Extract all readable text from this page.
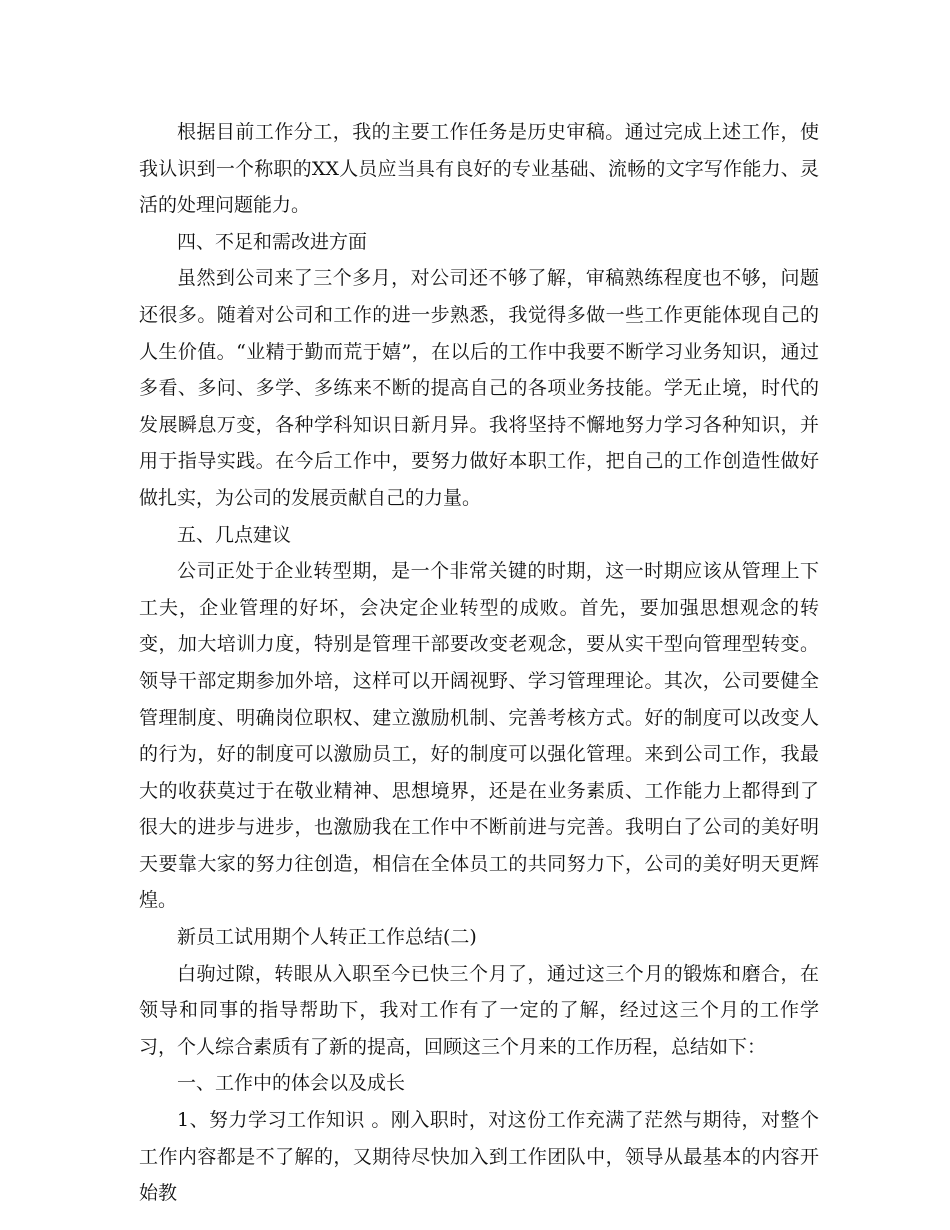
根据目前工作分工，我的主要工作任务是历史审稿。通过完成上述工作，使我认识到一个称职的XX人员应当具有良好的专业基础、流畅的文字写作能力、灵活的处理问题能力。

四、不足和需改进方面

虽然到公司来了三个多月，对公司还不够了解，审稿熟练程度也不够，问题还很多。随着对公司和工作的进一步熟悉，我觉得多做一些工作更能体现自己的人生价值。“业精于勤而荒于嬉”，在以后的工作中我要不断学习业务知识，通过多看、多问、多学、多练来不断的提高自己的各项业务技能。学无止境，时代的发展瞬息万变，各种学科知识日新月异。我将坚持不懈地努力学习各种知识，并用于指导实践。在今后工作中，要努力做好本职工作，把自己的工作创造性做好做扎实，为公司的发展贡献自己的力量。

五、几点建议

公司正处于企业转型期，是一个非常关键的时期，这一时期应该从管理上下工夫，企业管理的好坏，会决定企业转型的成败。首先，要加强思想观念的转变，加大培训力度，特别是管理干部要改变老观念，要从实干型向管理型转变。领导干部定期参加外培，这样可以开阔视野、学习管理理论。其次，公司要健全管理制度、明确岗位职权、建立激励机制、完善考核方式。好的制度可以改变人的行为，好的制度可以激励员工，好的制度可以强化管理。来到公司工作，我最大的收获莫过于在敬业精神、思想境界，还是在业务素质、工作能力上都得到了很大的进步与进步，也激励我在工作中不断前进与完善。我明白了公司的美好明天要靠大家的努力往创造，相信在全体员工的共同努力下，公司的美好明天更辉煌。

新员工试用期个人转正工作总结(二)

白驹过隙，转眼从入职至今已快三个月了，通过这三个月的锻炼和磨合，在领导和同事的指导帮助下，我对工作有了一定的了解，经过这三个月的工作学习，个人综合素质有了新的提高，回顾这三个月来的工作历程，总结如下：

一、工作中的体会以及成长

1、努力学习工作知识 。刚入职时，对这份工作充满了茫然与期待，对整个工作内容都是不了解的，又期待尽快加入到工作团队中，领导从最基本的内容开始教
